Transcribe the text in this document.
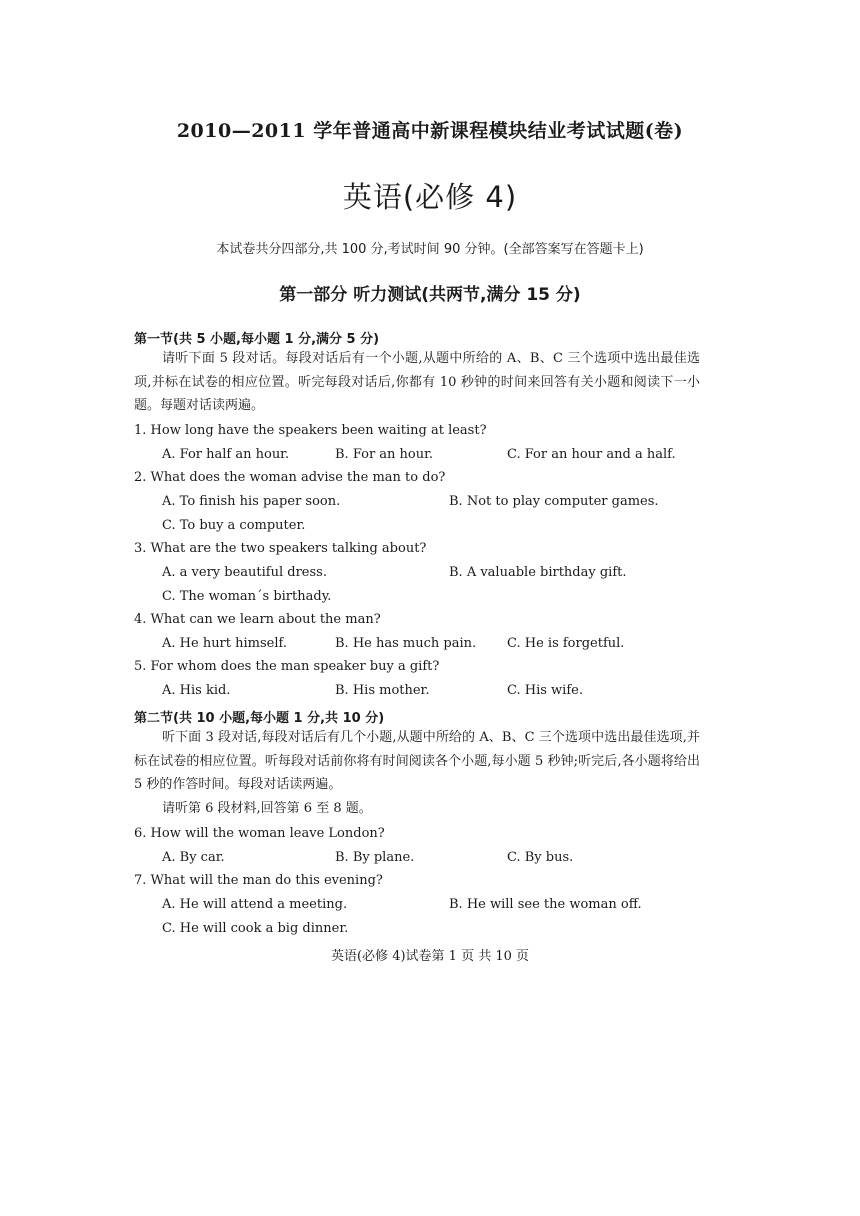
2010—2011 学年普通高中新课程模块结业考试试题(卷)
英语(必修 4)
本试卷共分四部分,共 100 分,考试时间 90 分钟。(全部答案写在答题卡上)
第一部分 听力测试(共两节,满分 15 分)
第一节(共 5 小题,每小题 1 分,满分 5 分)

请听下面 5 段对话。每段对话后有一个小题,从题中所给的 A、B、C 三个选项中选出最佳选项,并标在试卷的相应位置。听完每段对话后,你都有 10 秒钟的时间来回答有关小题和阅读下一小题。每题对话读两遍。

1. How long have the speakers been waiting at least?
A. For half an hour.	B. For an hour.	C. For an hour and a half.
2. What does the woman advise the man to do?
A. To finish his paper soon.	B. Not to play computer games.
C. To buy a computer.
3. What are the two speakers talking about?
A. a very beautiful dress.	B. A valuable birthday gift.
C. The woman´s birthady.
4. What can we learn about the man?
A. He hurt himself.	B. He has much pain. C. He is forgetful.
5. For whom does the man speaker buy a gift?
A. His kid.	B. His mother.	C. His wife.
第二节(共 10 小题,每小题 1 分,共 10 分)

听下面 3 段对话,每段对话后有几个小题,从题中所给的 A、B、C 三个选项中选出最佳选项,并标在试卷的相应位置。听每段对话前你将有时间阅读各个小题,每小题 5 秒钟;听完后,各小题将给出 5 秒的作答时间。每段对话读两遍。

请听第 6 段材料,回答第 6 至 8 题。

6. How will the woman leave London?
A. By car.	B. By plane.	C. By bus.
7. What will the man do this evening?
A. He will attend a meeting.	B. He will see the woman off.
C. He will cook a big dinner.
英语(必修 4)试卷第 1 页 共 10 页
